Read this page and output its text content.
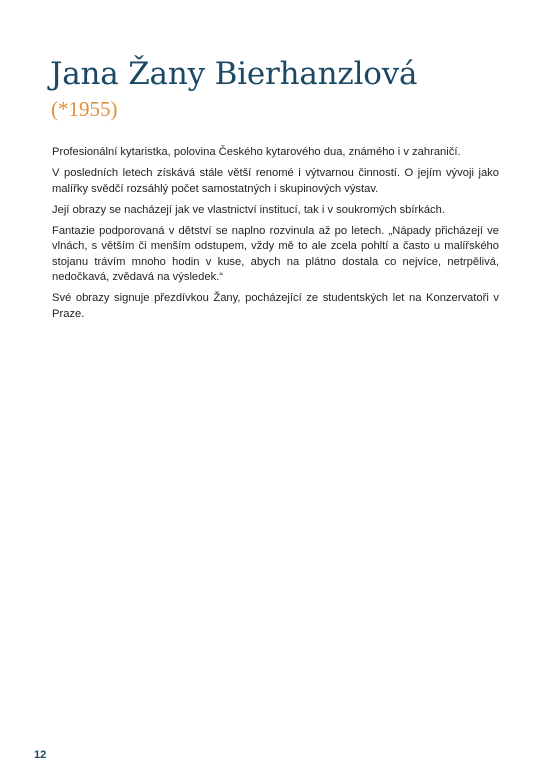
Jana Žany Bierhanzlová
(*1955)

Profesionální kytaristka, polovina Českého kytarového dua, známého i v zahraničí.

V posledních letech získává stále větší renomé i výtvarnou činností. O jejím vývoji jako malířky svědčí rozsáhlý počet samostatných i skupinových výstav.

Její obrazy se nacházejí jak ve vlastnictví institucí, tak i v soukromých sbírkách.

Fantazie podporovaná v dětství se naplno rozvinula až po letech. „Nápady přicházejí ve vlnách, s větším či menším odstupem, vždy mě to ale zcela pohltí a často u malířského stojanu trávím mnoho hodin v kuse, abych na plátno dostala co nejvíce, netrpělivá, nedočkavá, zvědavá na výsledek.“

Své obrazy signuje přezdívkou Žany, pocházející ze studentských let na Konzervatoři v Praze.

12
